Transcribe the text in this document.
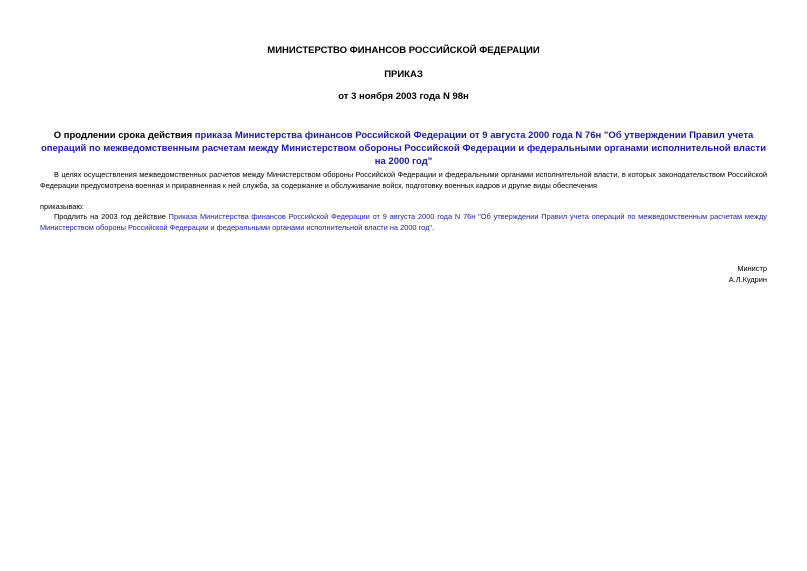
МИНИСТЕРСТВО ФИНАНСОВ РОССИЙСКОЙ ФЕДЕРАЦИИ
ПРИКАЗ
от 3 ноября 2003 года N 98н
О продлении срока действия приказа Министерства финансов Российской Федерации от 9 августа 2000 года N 76н "Об утверждении Правил учета операций по межведомственным расчетам между Министерством обороны Российской Федерации и федеральными органами исполнительной власти на 2000 год"
В целях осуществления межведомственных расчетов между Министерством обороны Российской Федерации и федеральными органами исполнительной власти, в которых законодательством Российской Федерации предусмотрена военная и приравненная к ней служба, за содержание и обслуживание войск, подготовку военных кадров и другие виды обеспечения
приказываю:
Продлить на 2003 год действие Приказа Министерства финансов Российской Федерации от 9 августа 2000 года N 76н "Об утверждении Правил учета операций по межведомственным расчетам между Министерством обороны Российской Федерации и федеральными органами исполнительной власти на 2000 год".
Министр
А.Л.Кудрин
